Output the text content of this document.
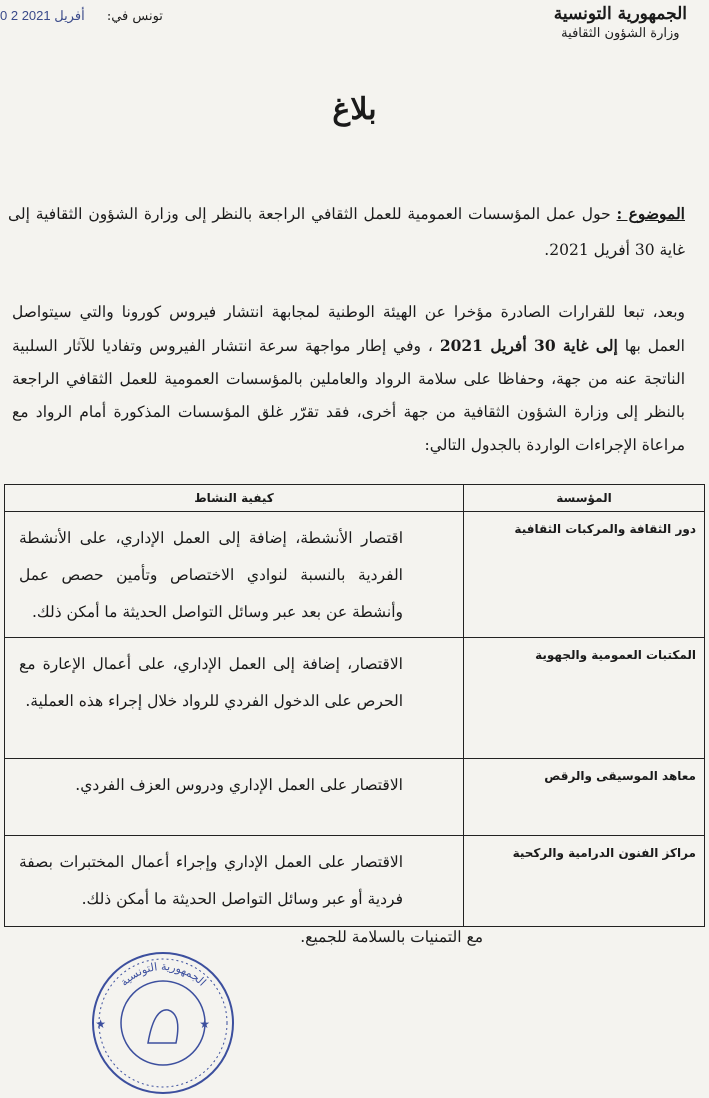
الجمهورية التونسية
وزارة الشؤون الثقافية
تونس في: 0 2 أفريل 2021
بلاغ
الموضوع : حول عمل المؤسسات العمومية للعمل الثقافي الراجعة بالنظر إلى وزارة الشؤون الثقافية إلى غاية 30 أفريل 2021.
وبعد، تبعا للقرارات الصادرة مؤخرا عن الهيئة الوطنية لمجابهة انتشار فيروس كورونا والتي سيتواصل العمل بها إلى غاية 30 أفريل 2021 ، وفي إطار مواجهة سرعة انتشار الفيروس وتفاديا للآثار السلبية الناتجة عنه من جهة، وحفاظا على سلامة الرواد والعاملين بالمؤسسات العمومية للعمل الثقافي الراجعة بالنظر إلى وزارة الشؤون الثقافية من جهة أخرى، فقد تقرّر غلق المؤسسات المذكورة أمام الرواد مع مراعاة الإجراءات الواردة بالجدول التالي:
المؤسسة	كيفية النشاط
دور الثقافة والمركبات الثقافية	اقتصار الأنشطة، إضافة إلى العمل الإداري، على الأنشطة الفردية بالنسبة لنوادي الاختصاص وتأمين حصص عمل وأنشطة عن بعد عبر وسائل التواصل الحديثة ما أمكن ذلك.
المكتبات العمومية والجهوية	الاقتصار، إضافة إلى العمل الإداري، على أعمال الإعارة مع الحرص على الدخول الفردي للرواد خلال إجراء هذه العملية.
معاهد الموسيقى والرقص	الاقتصار على العمل الإداري ودروس العزف الفردي.
مراكز الفنون الدرامية والركحية	الاقتصار على العمل الإداري وإجراء أعمال المختبرات بصفة فردية أو عبر وسائل التواصل الحديثة ما أمكن ذلك.
مع التمنيات بالسلامة للجميع.
الجمهورية التونسية
★	★
